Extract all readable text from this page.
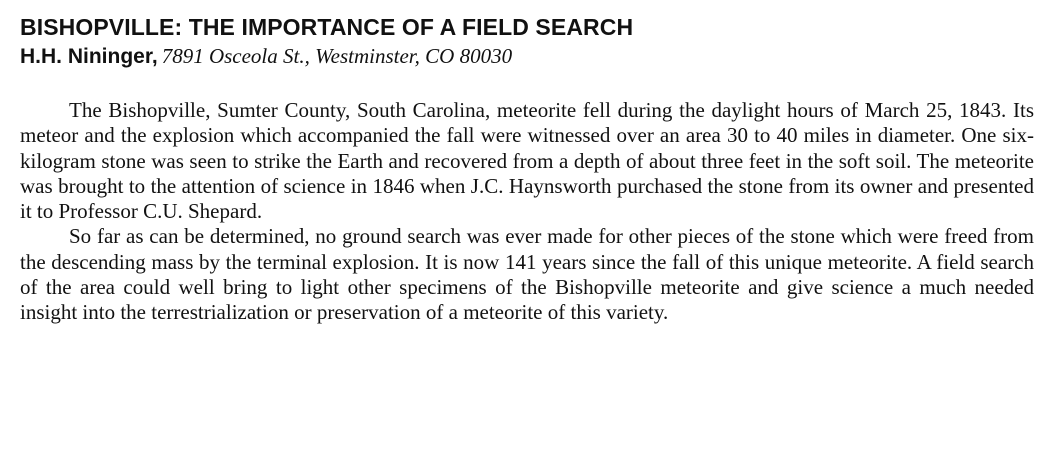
BISHOPVILLE: THE IMPORTANCE OF A FIELD SEARCH
H.H. Nininger, 7891 Osceola St., Westminster, CO 80030

The Bishopville, Sumter County, South Carolina, meteorite fell during the daylight hours of March 25, 1843. Its meteor and the explosion which accompanied the fall were witnessed over an area 30 to 40 miles in diameter. One six-kilogram stone was seen to strike the Earth and recovered from a depth of about three feet in the soft soil. The meteorite was brought to the attention of science in 1846 when J.C. Haynsworth purchased the stone from its owner and presented it to Professor C.U. Shepard.

So far as can be determined, no ground search was ever made for other pieces of the stone which were freed from the descending mass by the terminal explosion. It is now 141 years since the fall of this unique meteorite. A field search of the area could well bring to light other specimens of the Bishopville meteorite and give science a much needed insight into the terrestrialization or preservation of a meteorite of this variety.
